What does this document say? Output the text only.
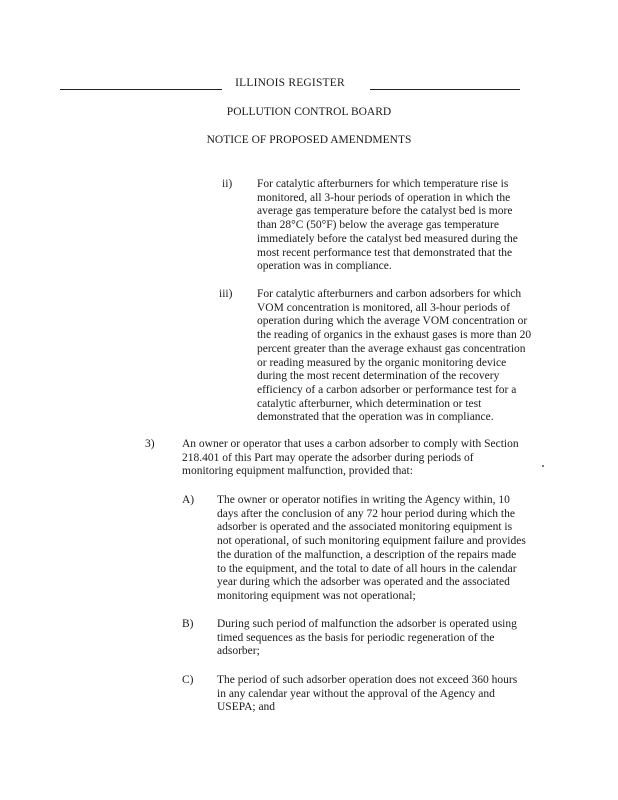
ILLINOIS REGISTER
POLLUTION CONTROL BOARD
NOTICE OF PROPOSED AMENDMENTS
ii) For catalytic afterburners for which temperature rise is
monitored, all 3-hour periods of operation in which the
average gas temperature before the catalyst bed is more
than 28°C (50°F) below the average gas temperature
immediately before the catalyst bed measured during the
most recent performance test that demonstrated that the
operation was in compliance.
iii) For catalytic afterburners and carbon adsorbers for which
VOM concentration is monitored, all 3-hour periods of
operation during which the average VOM concentration or
the reading of organics in the exhaust gases is more than 20
percent greater than the average exhaust gas concentration
or reading measured by the organic monitoring device
during the most recent determination of the recovery
efficiency of a carbon adsorber or performance test for a
catalytic afterburner, which determination or test
demonstrated that the operation was in compliance.
3) An owner or operator that uses a carbon adsorber to comply with Section
218.401 of this Part may operate the adsorber during periods of
monitoring equipment malfunction, provided that:
A) The owner or operator notifies in writing the Agency within, 10
days after the conclusion of any 72 hour period during which the
adsorber is operated and the associated monitoring equipment is
not operational, of such monitoring equipment failure and provides
the duration of the malfunction, a description of the repairs made
to the equipment, and the total to date of all hours in the calendar
year during which the adsorber was operated and the associated
monitoring equipment was not operational;
B) During such period of malfunction the adsorber is operated using
timed sequences as the basis for periodic regeneration of the
adsorber;
C) The period of such adsorber operation does not exceed 360 hours
in any calendar year without the approval of the Agency and
USEPA; and
